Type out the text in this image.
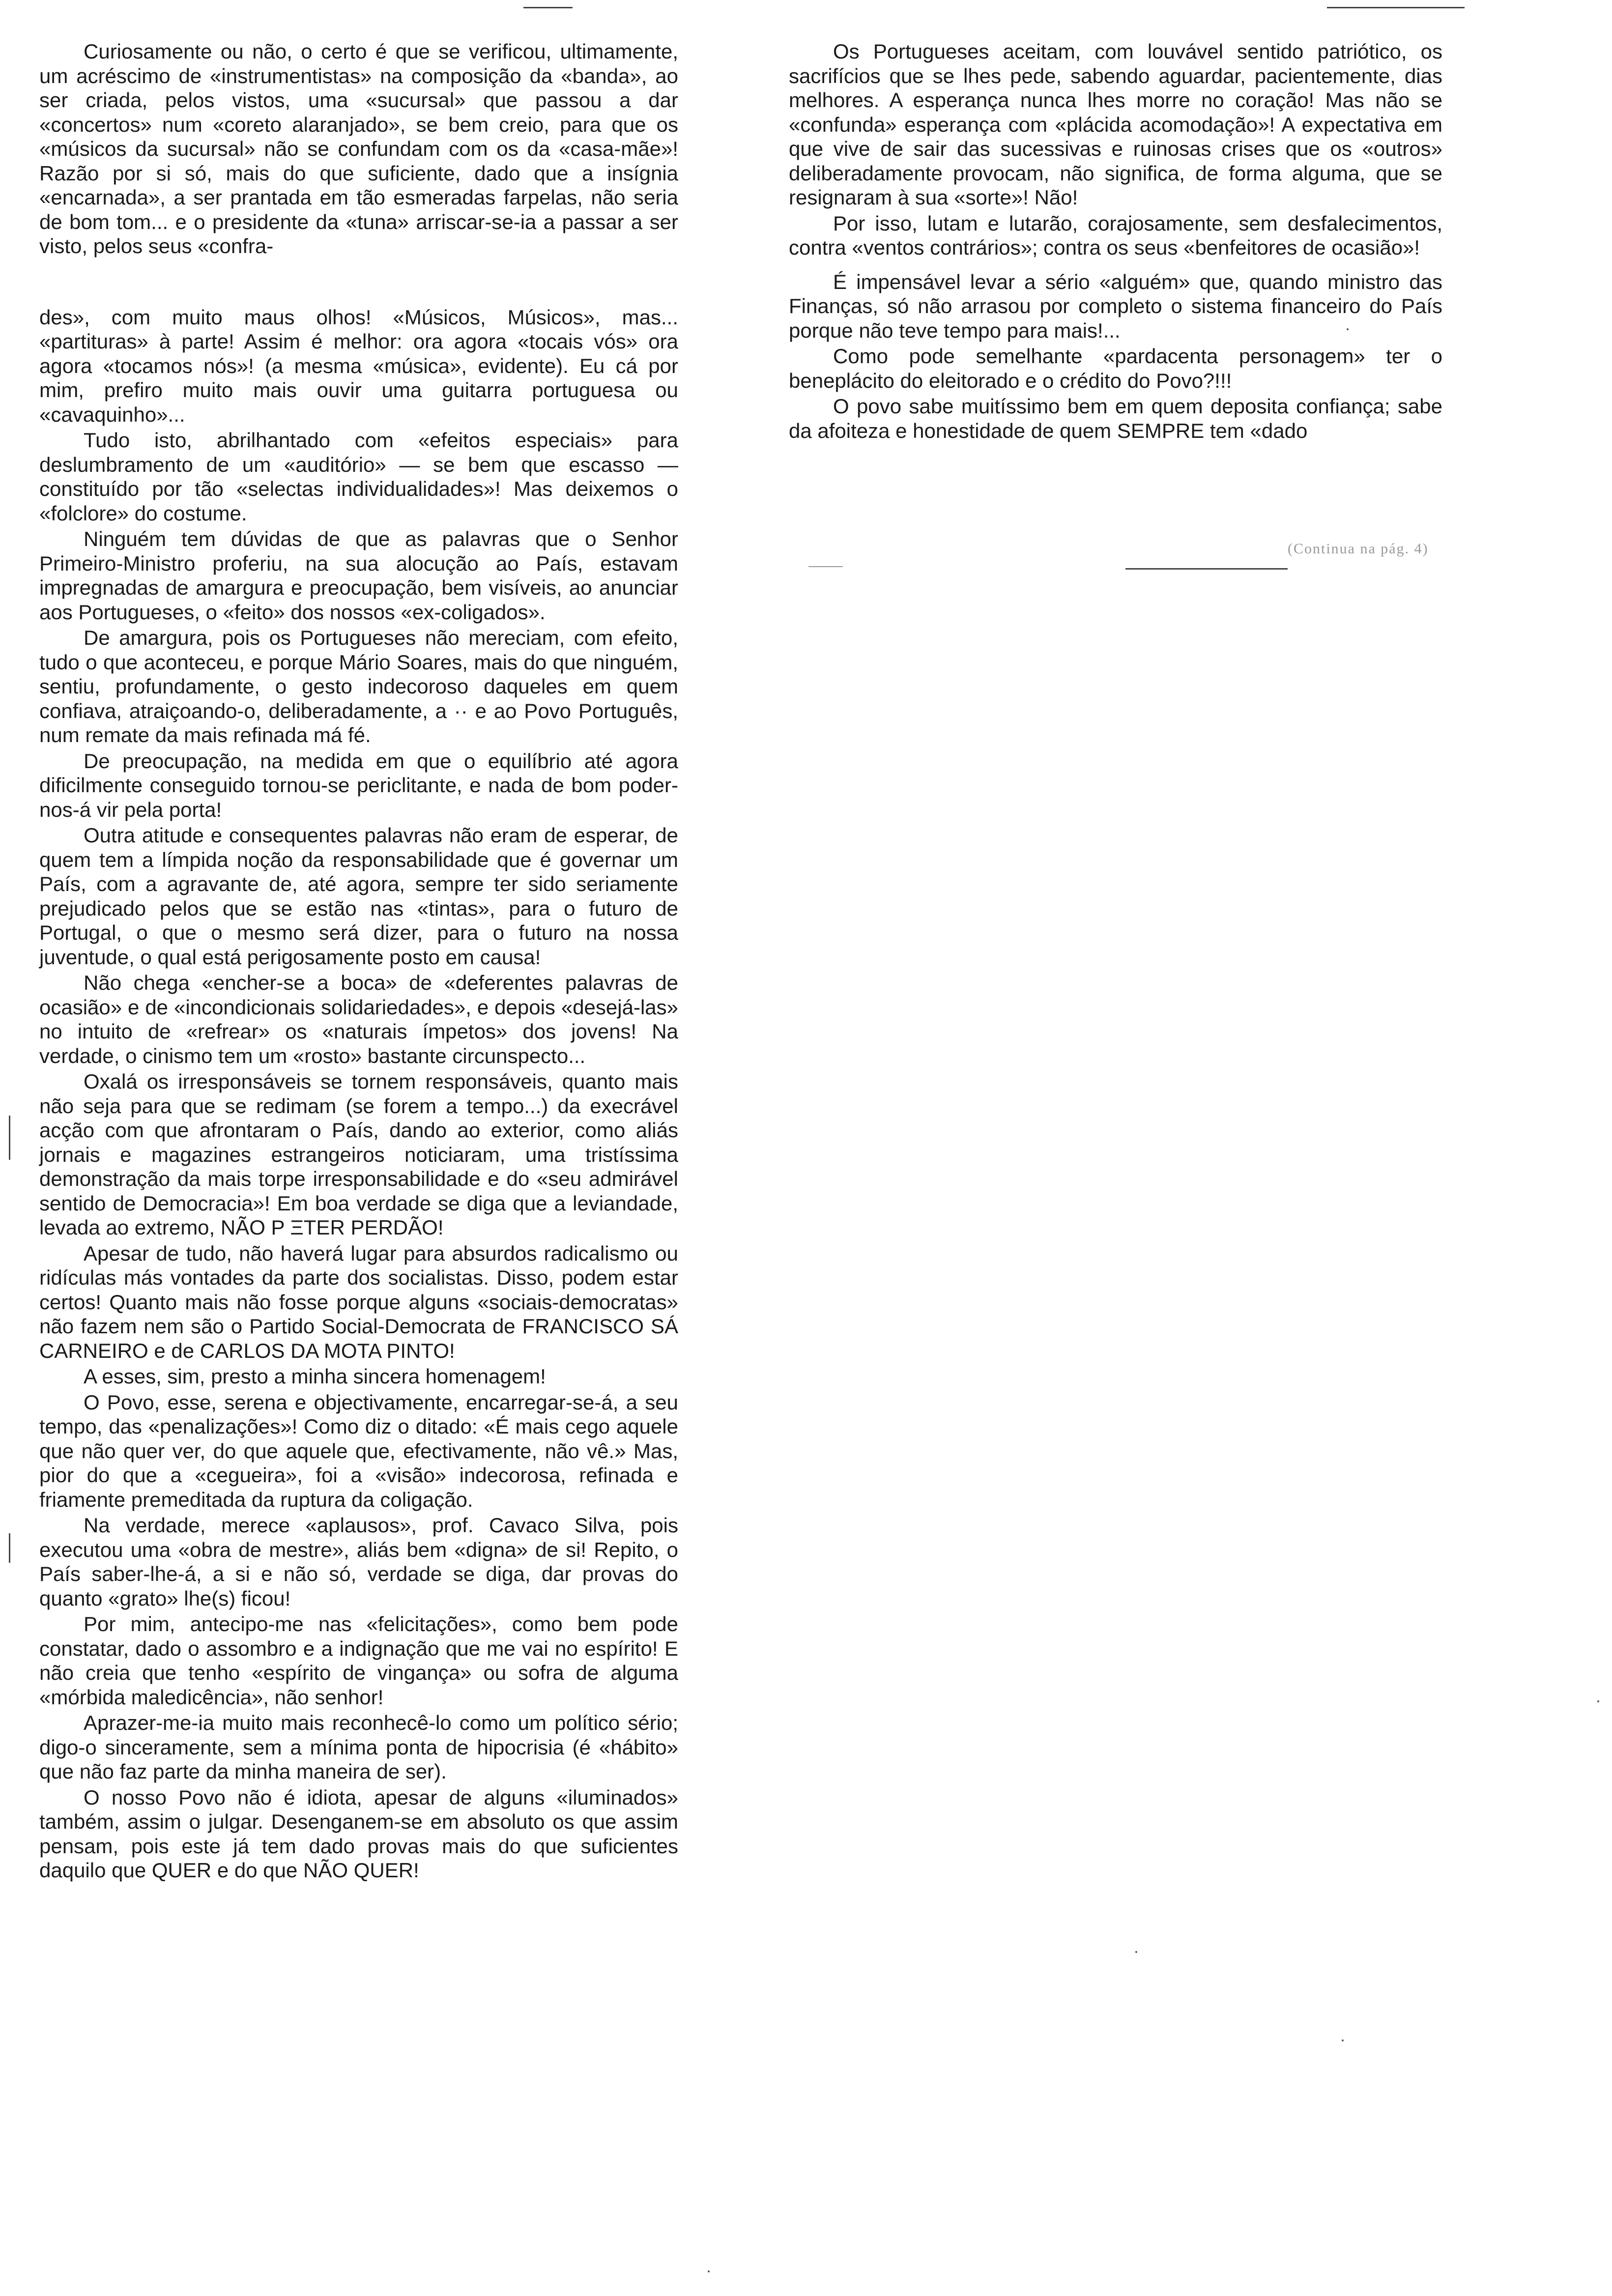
Curiosamente ou não, o certo é que se verificou, ultimamente, um acréscimo de «instrumentistas» na composição da «banda», ao ser criada, pelos vistos, uma «sucursal» que passou a dar «concertos» num «coreto alaranjado», se bem creio, para que os «músicos da sucursal» não se confundam com os da «casa-mãe»! Razão por si só, mais do que suficiente, dado que a insígnia «encarnada», a ser prantada em tão esmeradas farpelas, não seria de bom tom... e o presidente da «tuna» arriscar-se-ia a passar a ser visto, pelos seus «confra-

des», com muito maus olhos! «Músicos, Músicos», mas... «partituras» à parte! Assim é melhor: ora agora «tocais vós» ora agora «tocamos nós»! (a mesma «música», evidente). Eu cá por mim, prefiro muito mais ouvir uma guitarra portuguesa ou «cavaquinho»...

Tudo isto, abrilhantado com «efeitos especiais» para deslumbramento de um «auditório» — se bem que escasso — constituído por tão «selectas individualidades»! Mas deixemos o «folclore» do costume.

Ninguém tem dúvidas de que as palavras que o Senhor Primeiro-Ministro proferiu, na sua alocução ao País, estavam impregnadas de amargura e preocupação, bem visíveis, ao anunciar aos Portugueses, o «feito» dos nossos «ex-coligados».

De amargura, pois os Portugueses não mereciam, com efeito, tudo o que aconteceu, e porque Mário Soares, mais do que ninguém, sentiu, profundamente, o gesto indecoroso daqueles em quem confiava, atraiçoando-o, deliberadamente, a ·· e ao Povo Português, num remate da mais refinada má fé.

De preocupação, na medida em que o equilíbrio até agora dificilmente conseguido tornou-se periclitante, e nada de bom poder-nos-á vir pela porta!

Outra atitude e consequentes palavras não eram de esperar, de quem tem a límpida noção da responsabilidade que é governar um País, com a agravante de, até agora, sempre ter sido seriamente prejudicado pelos que se estão nas «tintas», para o futuro de Portugal, o que o mesmo será dizer, para o futuro na nossa juventude, o qual está perigosamente posto em causa!

Não chega «encher-se a boca» de «deferentes palavras de ocasião» e de «incondicionais solidariedades», e depois «desejá-las» no intuito de «refrear» os «naturais ímpetos» dos jovens! Na verdade, o cinismo tem um «rosto» bastante circunspecto...

Oxalá os irresponsáveis se tornem responsáveis, quanto mais não seja para que se redimam (se forem a tempo...) da execrável acção com que afrontaram o País, dando ao exterior, como aliás jornais e magazines estrangeiros noticiaram, uma tristíssima demonstração da mais torpe irresponsabilidade e do «seu admirável sentido de Democracia»! Em boa verdade se diga que a leviandade, levada ao extremo, NÃO P ΞTER PERDÃO!

Apesar de tudo, não haverá lugar para absurdos radicalismo ou ridículas más vontades da parte dos socialistas. Disso, podem estar certos! Quanto mais não fosse porque alguns «sociais-democratas» não fazem nem são o Partido Social-Democrata de FRANCISCO SÁ CARNEIRO e de CARLOS DA MOTA PINTO!

A esses, sim, presto a minha sincera homenagem!

O Povo, esse, serena e objectivamente, encarregar-se-á, a seu tempo, das «penalizações»! Como diz o ditado: «É mais cego aquele que não quer ver, do que aquele que, efectivamente, não vê.» Mas, pior do que a «cegueira», foi a «visão» indecorosa, refinada e friamente premeditada da ruptura da coligação.

Na verdade, merece «aplausos», prof. Cavaco Silva, pois executou uma «obra de mestre», aliás bem «digna» de si! Repito, o País saber-lhe-á, a si e não só, verdade se diga, dar provas do quanto «grato» lhe(s) ficou!

Por mim, antecipo-me nas «felicitações», como bem pode constatar, dado o assombro e a indignação que me vai no espírito! E não creia que tenho «espírito de vingança» ou sofra de alguma «mórbida maledicência», não senhor!

Aprazer-me-ia muito mais reconhecê-lo como um político sério; digo-o sinceramente, sem a mínima ponta de hipocrisia (é «hábito» que não faz parte da minha maneira de ser).

O nosso Povo não é idiota, apesar de alguns «iluminados» também, assim o julgar. Desenganem-se em absoluto os que assim pensam, pois este já tem dado provas mais do que suficientes daquilo que QUER e do que NÃO QUER!

Os Portugueses aceitam, com louvável sentido patriótico, os sacrifícios que se lhes pede, sabendo aguardar, pacientemente, dias melhores. A esperança nunca lhes morre no coração! Mas não se «confunda» esperança com «plácida acomodação»! A expectativa em que vive de sair das sucessivas e ruinosas crises que os «outros» deliberadamente provocam, não significa, de forma alguma, que se resignaram à sua «sorte»! Não!

Por isso, lutam e lutarão, corajosamente, sem desfalecimentos, contra «ventos contrários»; contra os seus «benfeitores de ocasião»!

É impensável levar a sério «alguém» que, quando ministro das Finanças, só não arrasou por completo o sistema financeiro do País porque não teve tempo para mais!...

Como pode semelhante «pardacenta personagem» ter o beneplácito do eleitorado e o crédito do Povo?!!!

O povo sabe muitíssimo bem em quem deposita confiança; sabe da afoiteza e honestidade de quem SEMPRE tem «dado

(Continua na pág. 4)
